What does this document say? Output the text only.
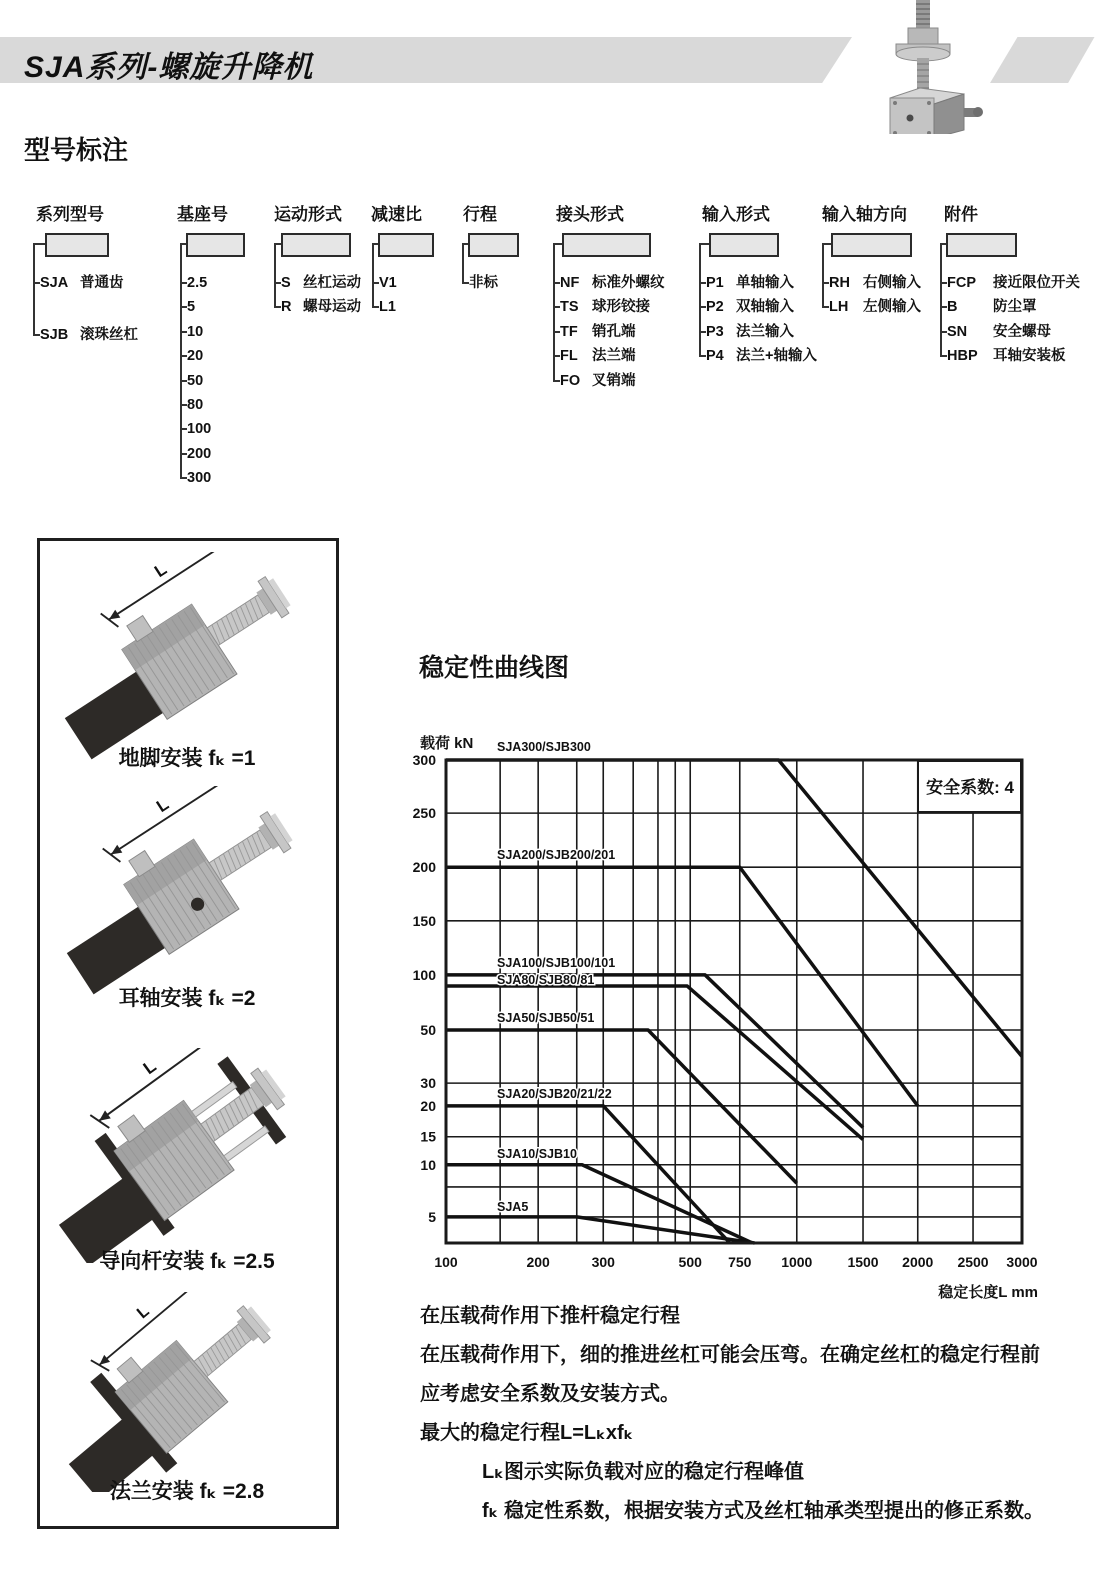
SJA系列-螺旋升降机
型号标注
系列型号
SJA 普通齿
SJB 滚珠丝杠
基座号
2.5
5
10
20
50
80
100
200
300
运动形式
S 丝杠运动
R 螺母运动
减速比
V1
L1
行程
非标
接头形式
NF 标准外螺纹
TS 球形铰接
TF 销孔端
FL 法兰端
FO 叉销端
输入形式
P1 单轴输入
P2 双轴输入
P3 法兰输入
P4 法兰+轴输入
输入轴方向
RH 右侧输入
LH 左侧输入
附件
FCP 接近限位开关
B 防尘罩
SN 安全螺母
HBP 耳轴安装板
L
L
L
L
地脚安装 fₖ =1
耳轴安装 fₖ =2
导向杆安装 fₖ =2.5
法兰安装 fₖ =2.8
稳定性曲线图
载荷 kN
稳定长度L mm
安全系数: 4
SJA300/SJB300
SJA200/SJB200/201
SJA100/SJB100/101
SJA80/SJB80/81
SJA50/SJB50/51
SJA20/SJB20/21/22
SJA10/SJB10
SJA5
100	200	300	500 750 1000	1500 2000 2500 3000
300
250
200
150
100
50
30
20
15
10
5
在压载荷作用下推杆稳定行程
在压载荷作用下，细的推进丝杠可能会压弯。在确定丝杠的稳定行程前
应考虑安全系数及安装方式。
最大的稳定行程L=Lₖxfₖ
Lₖ图示实际负载对应的稳定行程峰值
fₖ 稳定性系数，根据安装方式及丝杠轴承类型提出的修正系数。
